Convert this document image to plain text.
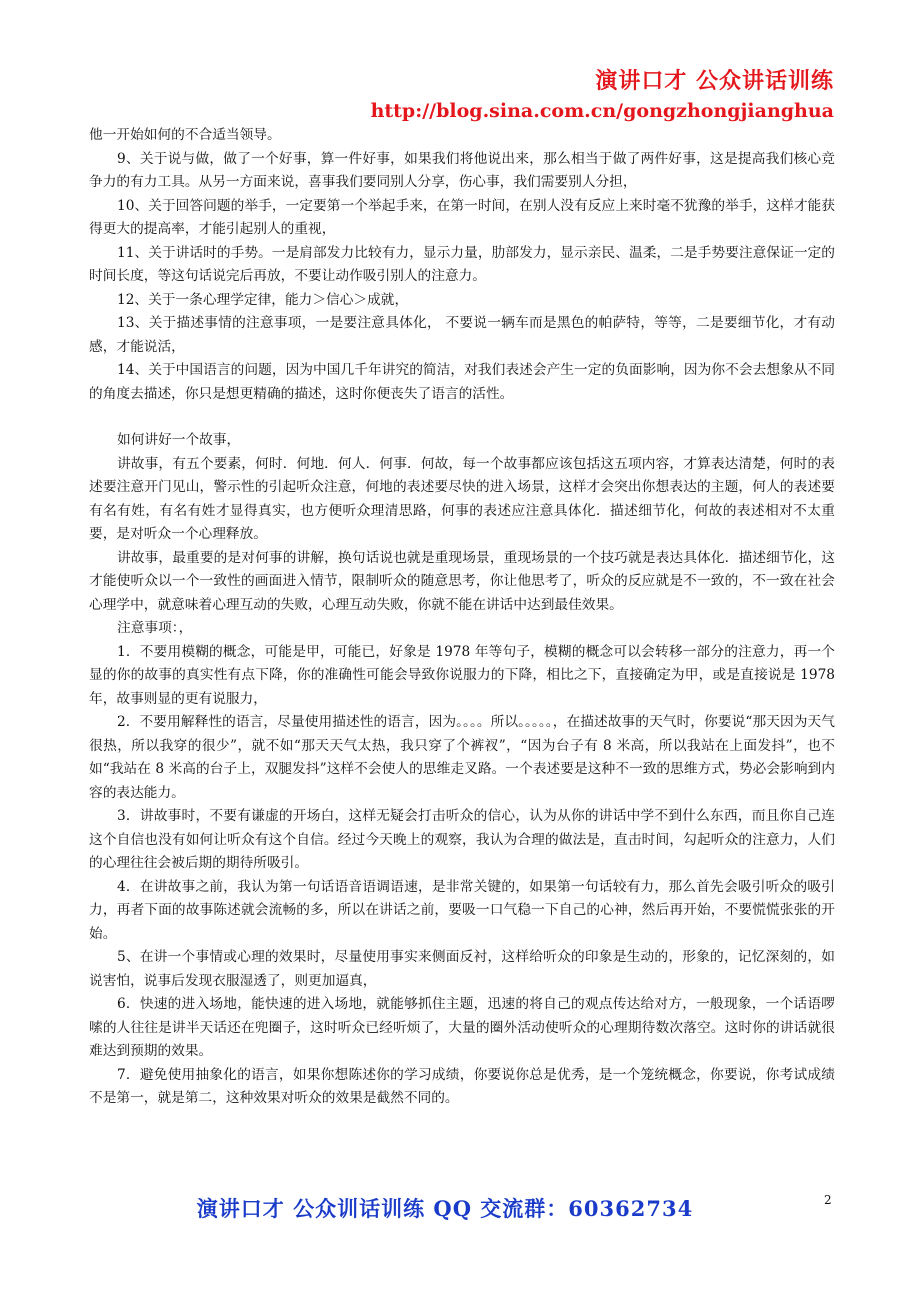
演讲口才 公众讲话训练
http://blog.sina.com.cn/gongzhongjianghua

他一开始如何的不合适当领导。

9、关于说与做，做了一个好事，算一件好事，如果我们将他说出来，那么相当于做了两件好事，这是提高我们核心竞争力的有力工具。从另一方面来说，喜事我们要同别人分享，伤心事，我们需要别人分担，

10、关于回答问题的举手，一定要第一个举起手来，在第一时间，在别人没有反应上来时毫不犹豫的举手，这样才能获得更大的提高率，才能引起别人的重视，

11、关于讲话时的手势。一是肩部发力比较有力，显示力量，肋部发力，显示亲民、温柔，二是手势要注意保证一定的时间长度，等这句话说完后再放，不要让动作吸引别人的注意力。

12、关于一条心理学定律，能力＞信心＞成就，

13、关于描述事情的注意事项，一是要注意具体化， 不要说一辆车而是黑色的帕萨特，等等，二是要细节化，才有动感，才能说活，

14、关于中国语言的问题，因为中国几千年讲究的简洁，对我们表述会产生一定的负面影响，因为你不会去想象从不同的角度去描述，你只是想更精确的描述，这时你便丧失了语言的活性。

如何讲好一个故事，

讲故事，有五个要素，何时．何地．何人．何事．何故，每一个故事都应该包括这五项内容，才算表达清楚，何时的表述要注意开门见山，警示性的引起听众注意，何地的表述要尽快的进入场景，这样才会突出你想表达的主题，何人的表述要有名有姓，有名有姓才显得真实，也方便听众理清思路，何事的表述应注意具体化．描述细节化，何故的表述相对不太重要，是对听众一个心理释放。

讲故事，最重要的是对何事的讲解，换句话说也就是重现场景，重现场景的一个技巧就是表达具体化．描述细节化，这才能使听众以一个一致性的画面进入情节，限制听众的随意思考，你让他思考了，听众的反应就是不一致的，不一致在社会心理学中，就意味着心理互动的失败，心理互动失败，你就不能在讲话中达到最佳效果。

注意事项：，

1．不要用模糊的概念，可能是甲，可能已，好象是 1978 年等句子，模糊的概念可以会转移一部分的注意力，再一个显的你的故事的真实性有点下降，你的准确性可能会导致你说服力的下降，相比之下，直接确定为甲，或是直接说是 1978 年，故事则显的更有说服力，

2．不要用解释性的语言，尽量使用描述性的语言，因为。。。。所以。。。。。，在描述故事的天气时，你要说“那天因为天气很热，所以我穿的很少”，就不如“那天天气太热，我只穿了个裤衩”，“因为台子有 8 米高，所以我站在上面发抖”，也不如“我站在 8 米高的台子上，双腿发抖”这样不会使人的思维走叉路。一个表述要是这种不一致的思维方式，势必会影响到内容的表达能力。

3．讲故事时，不要有谦虚的开场白，这样无疑会打击听众的信心，认为从你的讲话中学不到什么东西，而且你自己连这个自信也没有如何让听众有这个自信。经过今天晚上的观察，我认为合理的做法是，直击时间，勾起听众的注意力，人们的心理往往会被后期的期待所吸引。

4．在讲故事之前，我认为第一句话语音语调语速，是非常关键的，如果第一句话较有力，那么首先会吸引听众的吸引力，再者下面的故事陈述就会流畅的多，所以在讲话之前，要吸一口气稳一下自己的心神，然后再开始，不要慌慌张张的开始。

5、在讲一个事情或心理的效果时，尽量使用事实来侧面反衬，这样给听众的印象是生动的，形象的，记忆深刻的，如说害怕，说事后发现衣服湿透了，则更加逼真，

6．快速的进入场地，能快速的进入场地，就能够抓住主题，迅速的将自己的观点传达给对方，一般现象，一个话语啰嗦的人往往是讲半天话还在兜圈子，这时听众已经听烦了，大量的圈外活动使听众的心理期待数次落空。这时你的讲话就很难达到预期的效果。

7．避免使用抽象化的语言，如果你想陈述你的学习成绩，你要说你总是优秀，是一个笼统概念，你要说，你考试成绩不是第一，就是第二，这种效果对听众的效果是截然不同的。

演讲口才 公众训话训练 QQ 交流群：60362734	2
